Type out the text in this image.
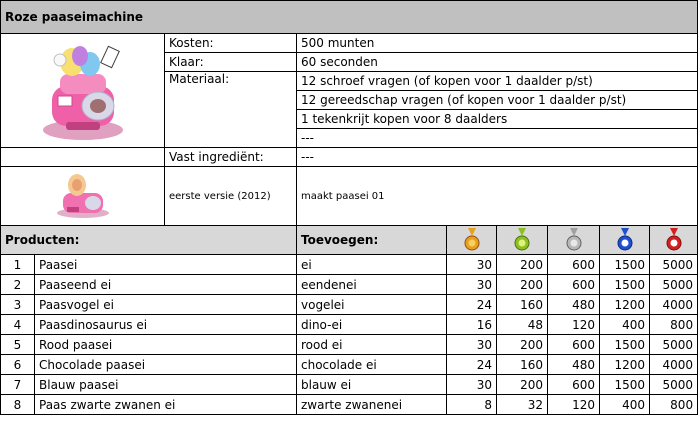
Roze paaseimachine								
	Kosten:	500 munten					
		Klaar:	60 seconden					
		Materiaal:	12 schroef vragen (of kopen voor 1 daalder p/st)					
			12 gereedschap vragen (of kopen voor 1 daalder p/st)					
			1 tekenkrijt kopen voor 8 daalders					
			---					
		Vast ingrediënt:	---					
	eerste versie (2012)	maakt paasei 01					
Producten:			Toevoegen:					
1	Paasei		ei	30	200	600	1500	5000
2	Paaseend ei		eendenei	30	200	600	1500	5000
3	Paasvogel ei		vogelei	24	160	480	1200	4000
4	Paasdinosaurus ei		dino-ei	16	48	120	400	800
5	Rood paasei		rood ei	30	200	600	1500	5000
6	Chocolade paasei		chocolade ei	24	160	480	1200	4000
7	Blauw paasei		blauw ei	30	200	600	1500	5000
8	Paas zwarte zwanen ei		zwarte zwanenei	8	32	120	400	800
